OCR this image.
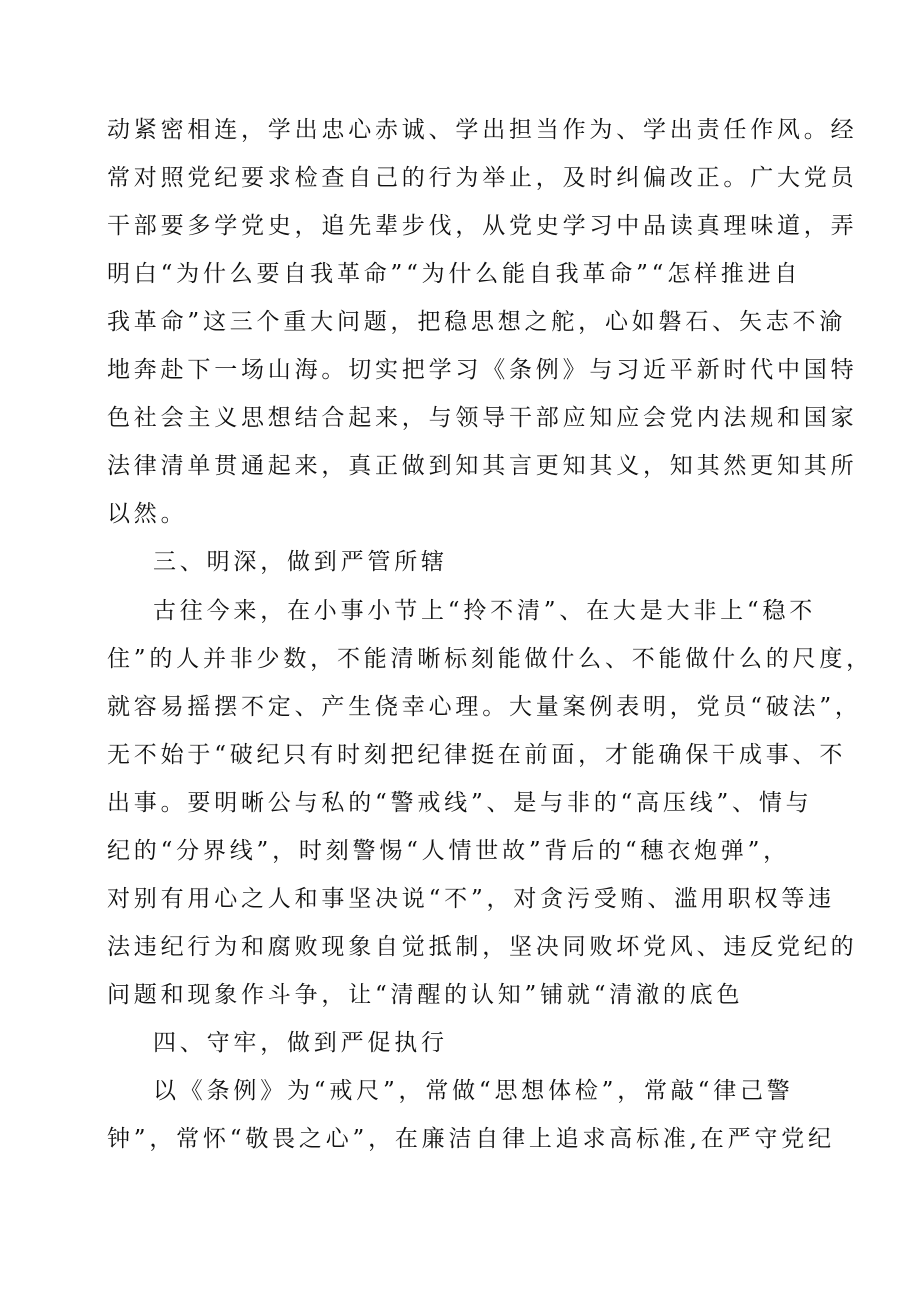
动紧密相连，学出忠心赤诚、学出担当作为、学出责任作风。经
常对照党纪要求检查自己的行为举止，及时纠偏改正。广大党员
干部要多学党史，追先辈步伐，从党史学习中品读真理味道，弄
明白“为什么要自我革命”“为什么能自我革命”“怎样推进自
我革命”这三个重大问题，把稳思想之舵，心如磐石、矢志不渝
地奔赴下一场山海。切实把学习《条例》与习近平新时代中国特
色社会主义思想结合起来，与领导干部应知应会党内法规和国家
法律清单贯通起来，真正做到知其言更知其义，知其然更知其所
以然。
三、明深，做到严管所辖
古往今来，在小事小节上“拎不清”、在大是大非上“稳不
住”的人并非少数，不能清晰标刻能做什么、不能做什么的尺度，
就容易摇摆不定、产生侥幸心理。大量案例表明，党员“破法”，
无不始于“破纪只有时刻把纪律挺在前面，才能确保干成事、不
出事。要明晰公与私的“警戒线”、是与非的“高压线”、情与
纪的“分界线”，时刻警惕“人情世故”背后的“穗衣炮弹”，
对别有用心之人和事坚决说“不”，对贪污受贿、滥用职权等违
法违纪行为和腐败现象自觉抵制，坚决同败坏党风、违反党纪的
问题和现象作斗争，让“清醒的认知”铺就“清澈的底色
四、守牢，做到严促执行
以《条例》为“戒尺”，常做“思想体检”，常敲“律己警
钟”，常怀“敬畏之心”，在廉洁自律上追求高标准,在严守党纪
